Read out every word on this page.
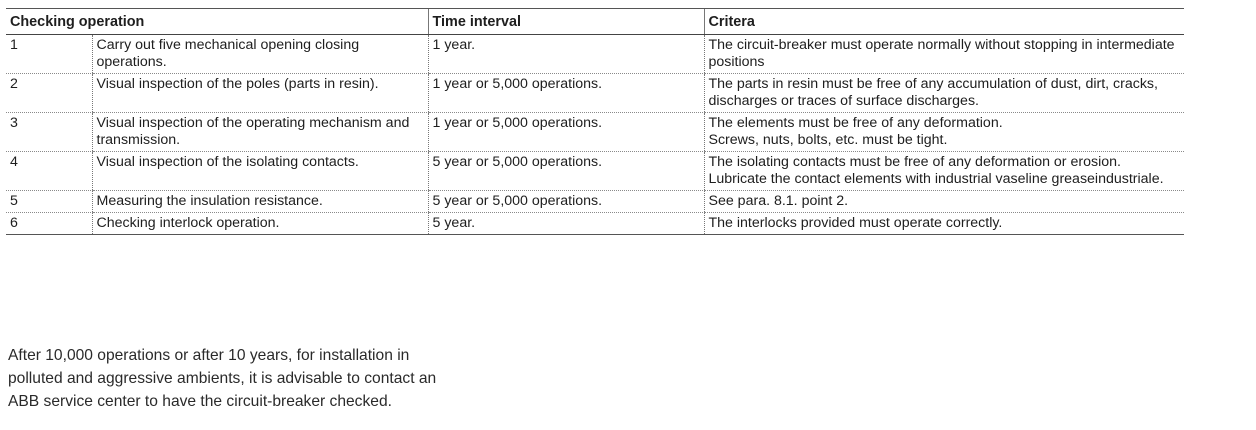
Checking operation		Time interval	Critera
1	Carry out five mechanical opening closing operations.	1 year.	The circuit-breaker must operate normally without stopping in intermediate positions

2	Visual inspection of the poles (parts in resin).	1 year or 5,000 operations.	The parts in resin must be free of any accumulation of dust, dirt, cracks, discharges or traces of surface discharges.

3	Visual inspection of the operating mechanism and transmission.	1 year or 5,000 operations.	The elements must be free of any deformation.
Screws, nuts, bolts, etc. must be tight.

4	Visual inspection of the isolating contacts.	5 year or 5,000 operations.	The isolating contacts must be free of any deformation or erosion.
Lubricate the contact elements with industrial vaseline greaseindustriale.

5	Measuring the insulation resistance.	5 year or 5,000 operations.	See para. 8.1. point 2.

6	Checking interlock operation.	5 year.	The interlocks provided must operate correctly.

After 10,000 operations or after 10 years, for installation in
polluted and aggressive ambients, it is advisable to contact an
ABB service center to have the circuit-breaker checked.
